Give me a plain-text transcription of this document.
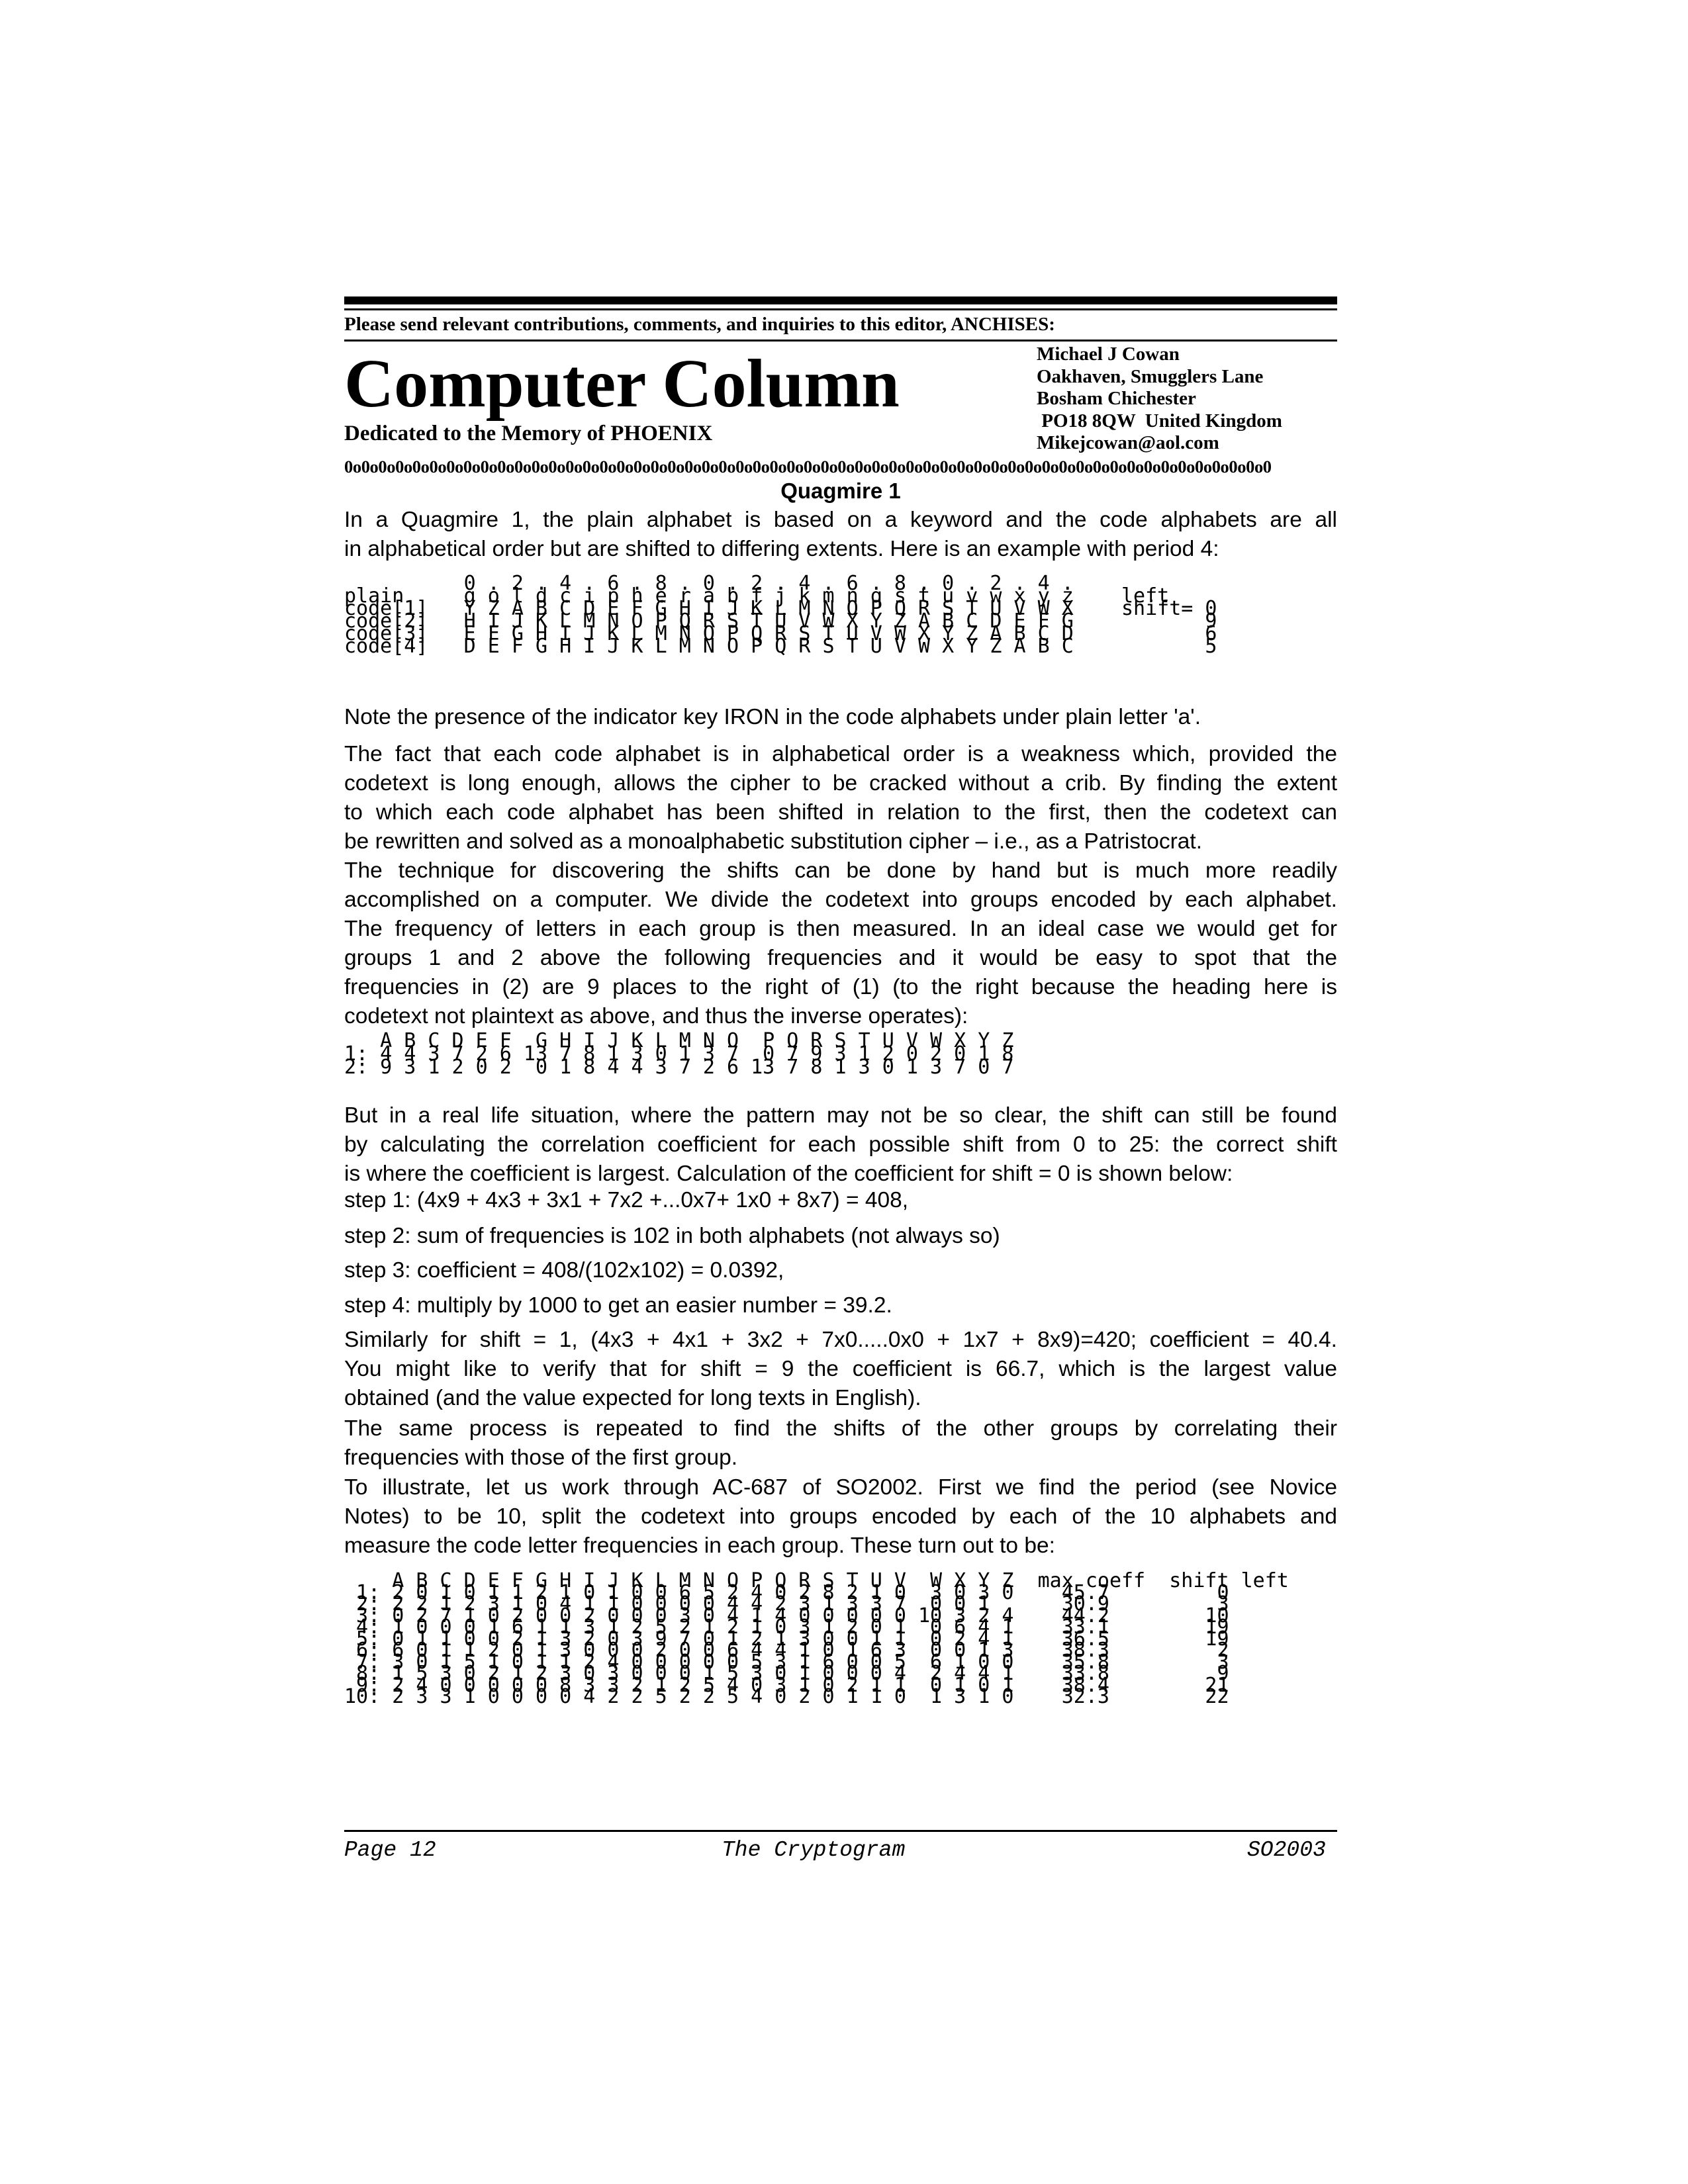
Please send relevant contributions, comments, and inquiries to this editor, ANCHISES:
Computer Column
Dedicated to the Memory of PHOENIX
Michael J Cowan
Oakhaven, Smugglers Lane
Bosham Chichester
PO18 8QW  United Kingdom
Mikejcowan@aol.com
0o0o0o0o0o0o0o0o0o0o0o0o0o0o0o0o0o0o0o0o0o0o0o0o0o0o0o0o0o0o0o0o0o0o0o0o0o0o0o0o0o0o0o0o0o0o0o0o0o0o0o0o0o0o0
Quagmire 1
In a Quagmire 1, the plain alphabet is based on a keyword and the code alphabets are all
in alphabetical order but are shifted to differing extents. Here is an example with period 4:
0 . 2 . 4 . 6 . 8 . 0 . 2 . 4 . 6 . 8 . 0 . 2 . 4 .
plain     g o l d c i p h e r a b f j k m n q s t u v w x y z    left
code[1]   Y Z A B C D E F G H I J K L M N O P Q R S T U V W X    shift= 0
code[2]   H I J K L M N O P Q R S T U V W X Y Z A B C D E F G           9
code[3]   E F G H I J K L M N O P Q R S T U V W X Y Z A B C D           6
code[4]   D E F G H I J K L M N O P Q R S T U V W X Y Z A B C           5
Note the presence of the indicator key IRON in the code alphabets under plain letter 'a'.
The fact that each code alphabet is in alphabetical order is a weakness which, provided the
codetext is long enough, allows the cipher to be cracked without a crib. By finding the extent
to which each code alphabet has been shifted in relation to the first, then the codetext can
be rewritten and solved as a monoalphabetic substitution cipher – i.e., as a Patristocrat.
The technique for discovering the shifts can be done by hand but is much more readily
accomplished on a computer. We divide the codetext into groups encoded by each alphabet.
The frequency of letters in each group is then measured. In an ideal case we would get for
groups 1 and 2 above the following frequencies and it would be easy to spot that the
frequencies in (2) are 9 places to the right of (1) (to the right because the heading here is
codetext not plaintext as above, and thus the inverse operates):
A B C D E F  G H I J K L M N O  P Q R S T U V W X Y Z
1: 4 4 3 7 2 6 13 7 8 1 3 0 1 3 7  0 7 9 3 1 2 0 2 0 1 8
2: 9 3 1 2 0 2  0 1 8 4 4 3 7 2 6 13 7 8 1 3 0 1 3 7 0 7
But in a real life situation, where the pattern may not be so clear, the shift can still be found
by calculating the correlation coefficient for each possible shift from 0 to 25: the correct shift
is where the coefficient is largest. Calculation of the coefficient for shift = 0 is shown below:
step 1: (4x9 + 4x3 + 3x1 + 7x2 +...0x7+ 1x0 + 8x7) = 408,
step 2: sum of frequencies is 102 in both alphabets (not always so)
step 3: coefficient = 408/(102x102) = 0.0392,
step 4: multiply by 1000 to get an easier number = 39.2.
Similarly for shift = 1, (4x3 + 4x1 + 3x2 + 7x0.....0x0 + 1x7 + 8x9)=420; coefficient = 40.4.
You might like to verify that for shift = 9 the coefficient is 66.7, which is the largest value
obtained (and the value expected for long texts in English).
The same process is repeated to find the shifts of the other groups by correlating their
frequencies with those of the first group.
To illustrate, let us work through AC-687 of SO2002. First we find the period (see Novice
Notes) to be 10, split the codetext into groups encoded by each of the 10 alphabets and
measure the code letter frequencies in each group. These turn out to be:
A B C D E F G H I J K L M N O P Q R S T U V  W X Y Z  max coeff  shift left
1: 2 0 1 0 1 1 2 1 0 1 0 0 6 5 2 4 0 2 8 2 1 0  3 0 3 0    45.7         0
2: 2 2 1 2 3 1 0 4 1 1 0 0 0 0 4 4 2 3 1 3 3 7  0 0 1      30.9         3
3: 0 2 7 1 0 2 0 0 2 0 0 0 3 0 4 1 4 0 0 0 0 0 10 3 2 4    44.2        10
4: 1 0 0 0 1 6 1 1 3 1 2 5 2 1 2 1 0 3 1 2 0 1  0 6 4 1    33.1        19
5: 0 1 1 0 0 2 1 3 2 0 3 9 7 0 1 2 1 3 0 0 1 1  0 2 4 1    36.5        19
6: 6 0 1 1 2 0 1 3 0 0 0 2 0 0 6 4 4 1 0 1 6 3  0 0 1 3    38.3         2
7: 3 0 1 5 1 0 1 1 2 4 0 0 0 0 0 5 3 1 6 0 0 5  6 1 0 0    35.8         3
8: 1 5 3 0 2 1 2 3 0 3 0 0 0 1 5 3 0 1 0 0 0 4  2 4 4 1    33.8         9
9: 2 4 0 0 0 0 0 8 3 3 2 1 2 5 4 0 3 1 0 2 1 1  0 1 0 1    38.4        21
10: 2 3 3 1 0 0 0 0 4 2 2 5 2 2 5 4 0 2 0 1 1 0  1 3 1 0    32.3        22
Page 12	The Cryptogram	SO2003
